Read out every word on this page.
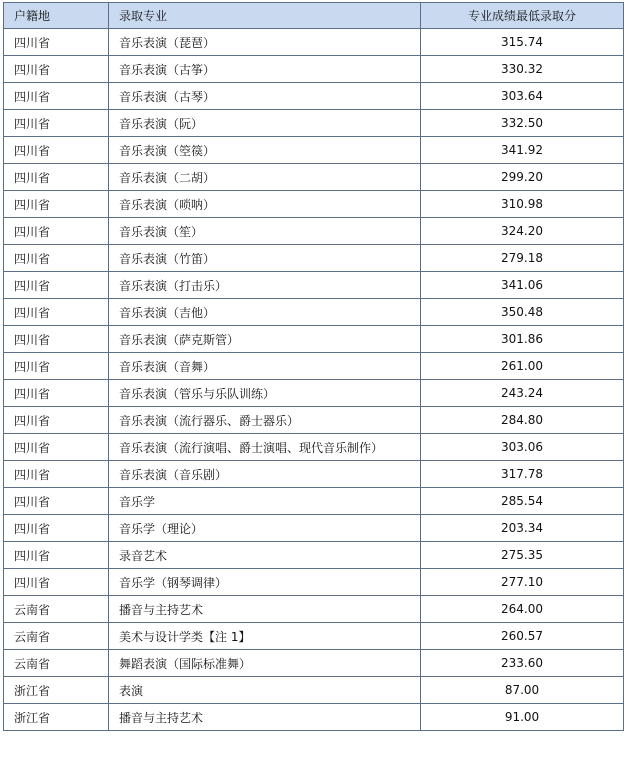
户籍地	录取专业	专业成绩最低录取分
四川省	音乐表演（琵琶）	315.74
四川省	音乐表演（古筝）	330.32
四川省	音乐表演（古琴）	303.64
四川省	音乐表演（阮）	332.50
四川省	音乐表演（箜篌）	341.92
四川省	音乐表演（二胡）	299.20
四川省	音乐表演（唢呐）	310.98
四川省	音乐表演（笙）	324.20
四川省	音乐表演（竹笛）	279.18
四川省	音乐表演（打击乐）	341.06
四川省	音乐表演（吉他）	350.48
四川省	音乐表演（萨克斯管）	301.86
四川省	音乐表演（音舞）	261.00
四川省	音乐表演（管乐与乐队训练）	243.24
四川省	音乐表演（流行器乐、爵士器乐）	284.80
四川省	音乐表演（流行演唱、爵士演唱、现代音乐制作）	303.06
四川省	音乐表演（音乐剧）	317.78
四川省	音乐学	285.54
四川省	音乐学（理论）	203.34
四川省	录音艺术	275.35
四川省	音乐学（钢琴调律）	277.10
云南省	播音与主持艺术	264.00
云南省	美术与设计学类【注 1】	260.57
云南省	舞蹈表演（国际标准舞）	233.60
浙江省	表演	87.00
浙江省	播音与主持艺术	91.00
